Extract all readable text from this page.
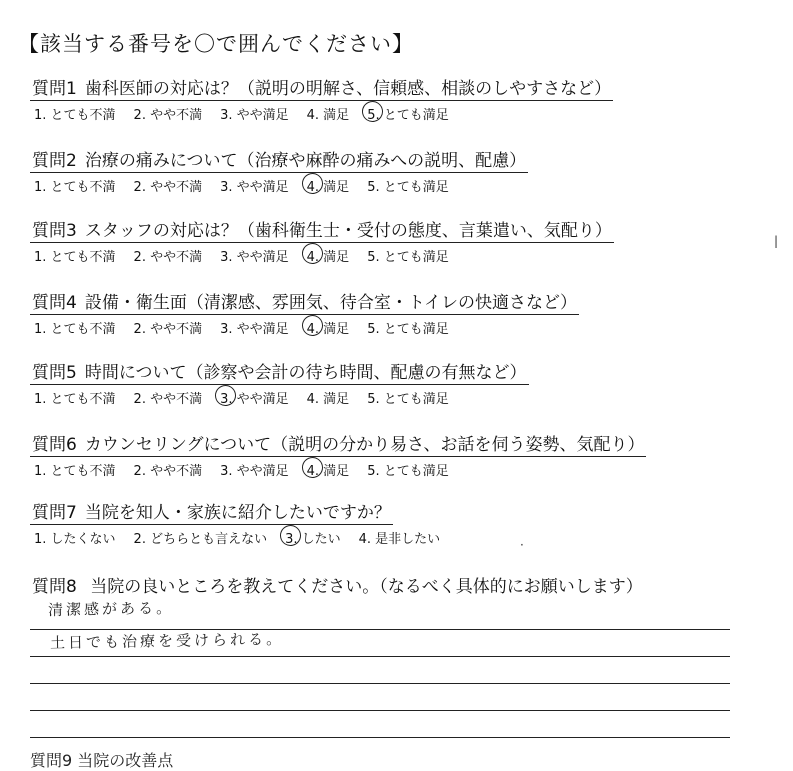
【該当する番号を〇で囲んでください】
質問1 歯科医師の対応は？（説明の明解さ、信頼感、相談のしやすさなど）
1. とても不満 2. やや不満 3. やや満足 4. 満足 5. とても満足
質問2 治療の痛みについて（治療や麻酔の痛みへの説明、配慮）
1. とても不満 2. やや不満 3. やや満足 4. 満足 5. とても満足
質問3 スタッフの対応は？（歯科衛生士・受付の態度、言葉遣い、気配り）
1. とても不満 2. やや不満 3. やや満足 4. 満足 5. とても満足
質問4 設備・衛生面（清潔感、雰囲気、待合室・トイレの快適さなど）
1. とても不満 2. やや不満 3. やや満足 4. 満足 5. とても満足
質問5 時間について（診察や会計の待ち時間、配慮の有無など）
1. とても不満 2. やや不満 3. やや満足 4. 満足 5. とても満足
質問6 カウンセリングについて（説明の分かり易さ、お話を伺う姿勢、気配り）
1. とても不満 2. やや不満 3. やや満足 4. 満足 5. とても満足
質問7 当院を知人・家族に紹介したいですか？
1. したくない 2. どちらとも言えない 3. したい 4. 是非したい
質問8 当院の良いところを教えてください。（なるべく具体的にお願いします）
清潔感がある。
土日でも治療を受けられる。
質問9 当院の改善点
|
·
